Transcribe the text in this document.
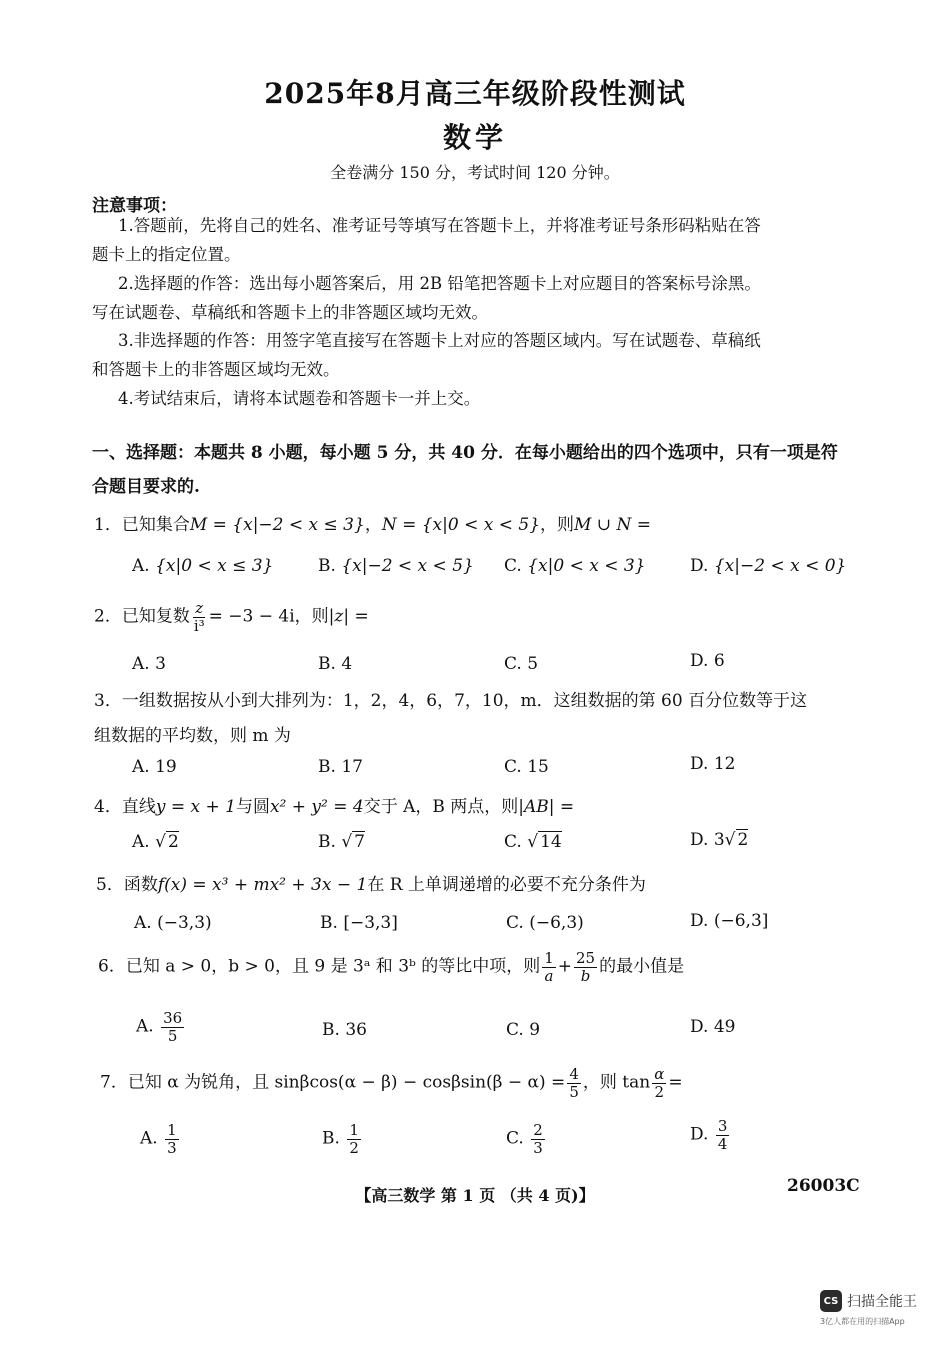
2025年8月高三年级阶段性测试
数学
全卷满分 150 分，考试时间 120 分钟。
注意事项：
1.答题前，先将自己的姓名、准考证号等填写在答题卡上，并将准考证号条形码粘贴在答
题卡上的指定位置。
2.选择题的作答：选出每小题答案后，用 2B 铅笔把答题卡上对应题目的答案标号涂黑。
写在试题卷、草稿纸和答题卡上的非答题区域均无效。
3.非选择题的作答：用签字笔直接写在答题卡上对应的答题区域内。写在试题卷、草稿纸
和答题卡上的非答题区域均无效。
4.考试结束后，请将本试题卷和答题卡一并上交。
一、选择题：本题共 8 小题，每小题 5 分，共 40 分．在每小题给出的四个选项中，只有一项是符合题目要求的.
1．已知集合M = {x|−2 < x ≤ 3}，N = {x|0 < x < 5}，则M ∪ N =
A. {x|0 < x ≤ 3}	B. {x|−2 < x < 5} C. {x|0 < x < 3}	D. {x|−2 < x < 0}
2．已知复数 $\frac{z}{\text{i³}} = -3 - 4i$，则|z| =
A. 3	B. 4	C. 5	D. 6
3．一组数据按从小到大排列为：1，2，4，6，7，10，m．这组数据的第 60 百分位数等于这
组数据的平均数，则 m 为
A. 19	B. 17	C. 15	D. 12
4．直线y = x + 1与圆x² + y² = 4交于 A，B 两点，则|AB| =
A. √ 2	B. √ 7	C. √ 14	D. 3√ 2
5．函数f(x) = x³ + mx² + 3x − 1在 R 上单调递增的必要不充分条件为
A. (−3,3)	B. [−3,3]	C. (−6,3)	D. (−6,3]
6．已知 a > 0，b > 0，且 9 是 3ᵃ 和 3ᵇ 的等比中项，则 $\frac{1}{a} + \frac{25}{b}$ 的最小值是
A. $\frac{36}{5}$	B. 36	C. 9	D. 49
7．已知 α 为锐角，且 $\sin\beta\cos(\alpha - \beta) - \cos\beta\sin(\beta - \alpha) = \frac{4}{5}$ ，则 $\tan \frac{\alpha}{2}$ =
A. $\frac{1}{3}$	B. $\frac{1}{2}$	C. $\frac{2}{3}$	D. $\frac{3}{4}$
26003C
【高三数学 第 1 页 （共 4 页)】
CS 扫描全能王
3亿人都在用的扫描App
